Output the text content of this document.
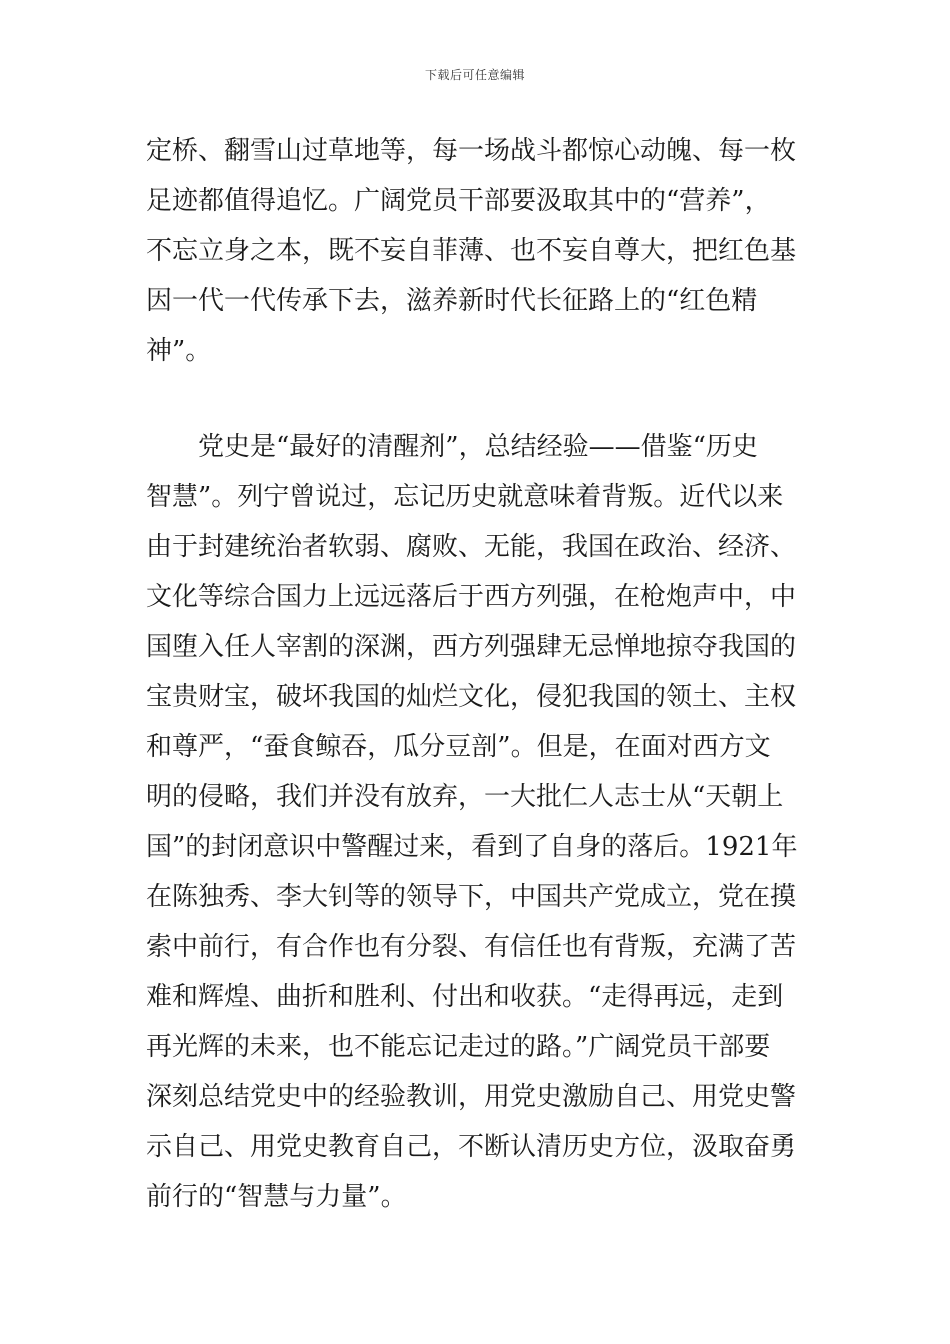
下载后可任意编辑
定桥、翻雪山过草地等，每一场战斗都惊心动魄、每一枚
足迹都值得追忆。广阔党员干部要汲取其中的“营养”，
不忘立身之本，既不妄自菲薄、也不妄自尊大，把红色基
因一代一代传承下去，滋养新时代长征路上的“红色精
神”。
党史是“最好的清醒剂”，总结经验——借鉴“历史
智慧”。列宁曾说过，忘记历史就意味着背叛。近代以来
由于封建统治者软弱、腐败、无能，我国在政治、经济、
文化等综合国力上远远落后于西方列强，在枪炮声中，中
国堕入任人宰割的深渊，西方列强肆无忌惮地掠夺我国的
宝贵财宝，破坏我国的灿烂文化，侵犯我国的领土、主权
和尊严，“蚕食鲸吞，瓜分豆剖”。但是，在面对西方文
明的侵略，我们并没有放弃，一大批仁人志士从“天朝上
国”的封闭意识中警醒过来，看到了自身的落后。1921年
在陈独秀、李大钊等的领导下，中国共产党成立，党在摸
索中前行，有合作也有分裂、有信任也有背叛，充满了苦
难和辉煌、曲折和胜利、付出和收获。“走得再远，走到
再光辉的未来，也不能忘记走过的路。”广阔党员干部要
深刻总结党史中的经验教训，用党史激励自己、用党史警
示自己、用党史教育自己，不断认清历史方位，汲取奋勇
前行的“智慧与力量”。
